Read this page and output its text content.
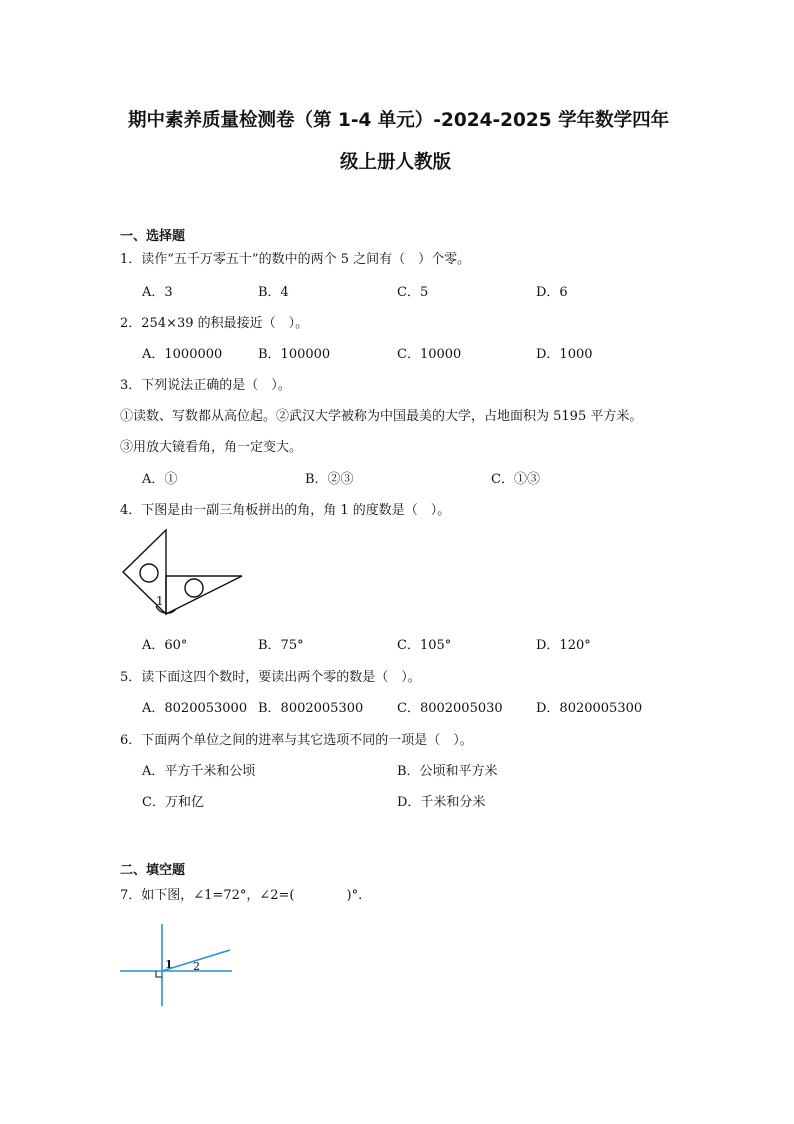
期中素养质量检测卷（第 1-4 单元）-2024-2025 学年数学四年
级上册人教版
一、选择题
1．读作“五千万零五十”的数中的两个 5 之间有（　）个零。
A．3	B．4	C．5	D．6
2．254×39 的积最接近（　）。
A．1000000	B．100000	C．10000	D．1000
3．下列说法正确的是（　）。
①读数、写数都从高位起。②武汉大学被称为中国最美的大学，占地面积为 5195 平方米。
③用放大镜看角，角一定变大。
A．①	B．②③	C．①③
4．下图是由一副三角板拼出的角，角 1 的度数是（　）。
1
A．60°	B．75°	C．105°	D．120°
5．读下面这四个数时，要读出两个零的数是（　）。
A．8020053000 B．8002005300	C．8002005030	D．8020005300
6．下面两个单位之间的进率与其它选项不同的一项是（　）。
A．平方千米和公顷	B．公顷和平方米
C．万和亿	D．千米和分米
二、填空题
7．如下图，∠1=72°，∠2=(　　　　)°.
1 2
